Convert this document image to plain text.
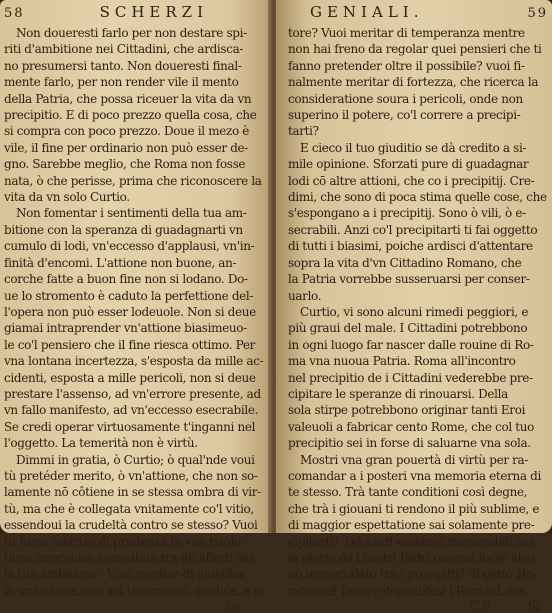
58	SCHERZI
Non doueresti farlo per non destare spi-
riti d'ambitione nei Cittadini, che ardisca-
no presumersi tanto. Non doueresti final-
mente farlo, per non render vile il mento
della Patria, che possa riceuer la vita da vn
precipitio. E di poco prezzo quella cosa, che
si compra con poco prezzo. Doue il mezo è
vile, il fine per ordinario non può esser de-
gno. Sarebbe meglio, che Roma non fosse
nata, ò che perisse, prima che riconoscere la
vita da vn solo Curtio.
Non fomentar i sentimenti della tua am-
bitione con la speranza di guadagnarti vn
cumulo di lodi, vn'eccesso d'applausi, vn'in-
finità d'encomi. L'attione non buone, an-
corche fatte a buon fine non si lodano. Do-
ue lo stromento è caduto la perfettione del-
l'opera non può esser lodeuole. Non si deue
giamai intraprender vn'attione biasimeuo-
le co'l pensiero che il fine riesca ottimo. Per
vna lontana incertezza, s'esposta da mille ac-
cidenti, esposta a mille pericoli, non si deue
prestare l'assenso, ad vn'errore presente, ad
vn fallo manifesto, ad vn'eccesso esecrabile.
Se credi operar virtuosamente t'inganni nel
l'oggetto. La temerità non è virtù.
Dimmi in gratia, ò Curtio; ò qual'nde voui
tù pretéder merito, ò vn'attione, che non so-
lamente nō côtiene in se stessa ombra di vir-
tù, ma che è collegata vnitamente co'l vitio,
essendoui la crudeltà contro se stesso? Vuoi
tu forse meritar di prudenza in vna risolu-
tione improuisa consultata tra gli affetti del-
la tua ambitione? Vuoi meritar di giustitia
in vna causa, oue sei testimonio, giudice, e at-
to-
GENIALI.	59
tore? Vuoi meritar di temperanza mentre
non hai freno da regolar quei pensieri che ti
fanno pretender oltre il possibile? vuoi fi-
nalmente meritar di fortezza, che ricerca la
consideratione soura i pericoli, onde non
superino il potere, co'l correre a precipi-
tarti?
E cieco il tuo giuditio se dà credito a si-
mile opinione. Sforzati pure di guadagnar
lodi cō altre attioni, che co i precipitij. Cre-
dimi, che sono di poca stima quelle cose, che
s'espongano a i precipitij. Sono ò vili, ò e-
secrabili. Anzi co'l precipitarti ti fai oggetto
di tutti i biasimi, poiche ardisci d'attentare
sopra la vita d'vn Cittadino Romano, che
la Patria vorrebbe susseruarsi per conser-
uarlo.
Curtio, vi sono alcuni rimedi peggiori, e
più graui del male. I Cittadini potrebbono
in ogni luogo far nascer dalle rouine di Ro-
ma vna nuoua Patria. Roma all'incontro
nel precipitio de i Cittadini vederebbe pre-
cipitare le speranze di rinouarsi. Della
sola stirpe potrebbono originar tanti Eroi
valeuoli a fabricar cento Rome, che col tuo
precipitio sei in forse di saluarne vna sola.
Mostri vna gran pouertà di virtù per ra-
comandar a i posteri vna memoria eterna di
te stesso. Trà tante conditioni così degne,
che trà i giouani ti rendono il più sublime, e
di maggior espettatione sai solamente pre-
cipitarti? Trà tanti essempi memorabili nel-
le glorie de i nostri Padri osseruì forse alcu-
no immortalato tra i precipitij? Si gettò Ho-
ratio nel Teuere dopò difesi i Romani, ma
C 6	fù
